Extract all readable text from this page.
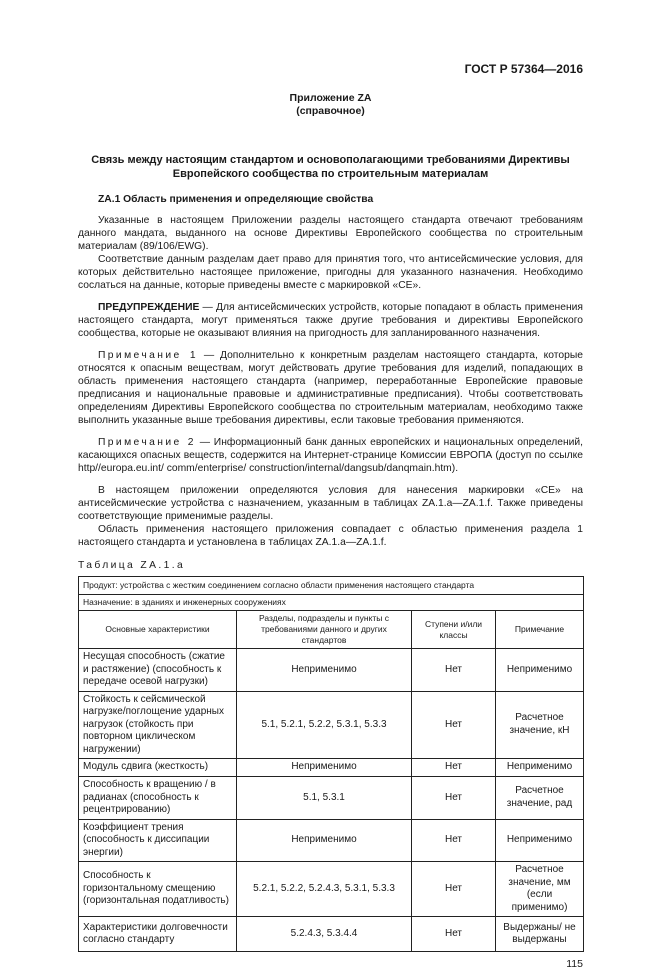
ГОСТ Р 57364—2016
Приложение ZA
(справочное)
Связь между настоящим стандартом и основополагающими требованиями Директивы Европейского сообщества по строительным материалам
ZA.1 Область применения и определяющие свойства

Указанные в настоящем Приложении разделы настоящего стандарта отвечают требованиям данного мандата, выданного на основе Директивы Европейского сообщества по строительным материалам (89/106/EWG).

Соответствие данным разделам дает право для принятия того, что антисейсмические условия, для которых действительно настоящее приложение, пригодны для указанного назначения. Необходимо сослаться на данные, которые приведены вместе с маркировкой «CE».

ПРЕДУПРЕЖДЕНИЕ — Для антисейсмических устройств, которые попадают в область применения настоящего стандарта, могут применяться также другие требования и директивы Европейского сообщества, которые не оказывают влияния на пригодность для запланированного назначения.

Примечание 1 — Дополнительно к конкретным разделам настоящего стандарта, которые относятся к опасным веществам, могут действовать другие требования для изделий, попадающих в область применения настоящего стандарта (например, переработанные Европейские правовые предписания и национальные правовые и административные предписания). Чтобы соответствовать определениям Директивы Европейского сообщества по строительным материалам, необходимо также выполнить указанные выше требования директивы, если таковые требования применяются.

Примечание 2 — Информационный банк данных европейских и национальных определений, касающихся опасных веществ, содержится на Интернет-странице Комиссии ЕВРОПА (доступ по ссылке http//europa.eu.int/ comm/enterprise/ construction/internal/dangsub/danqmain.htm).

В настоящем приложении определяются условия для нанесения маркировки «CE» на антисейсмические устройства с назначением, указанным в таблицах ZA.1.a—ZA.1.f. Также приведены соответствующие применимые разделы.

Область применения настоящего приложения совпадает с областью применения раздела 1 настоящего стандарта и установлена в таблицах ZA.1.a—ZA.1.f.

Таблица ZA.1.a
Продукт: устройства с жестким соединением согласно области применения настоящего стандарта			
Назначение: в зданиях и инженерных сооружениях			
Основные характеристики	Разделы, подразделы и пункты с требованиями данного и других стандартов	Ступени и/или классы	Примечание
Несущая способность (сжатие и растяжение) (способность к передаче осевой нагрузки)	Неприменимо	Нет	Неприменимо
Стойкость к сейсмической нагрузке/поглощение ударных нагрузок (стойкость при повторном циклическом нагружении)	5.1, 5.2.1, 5.2.2, 5.3.1, 5.3.3	Нет	Расчетное значение, кН
Модуль сдвига (жесткость)	Неприменимо	Нет	Неприменимо
Способность к вращению / в радианах (способность к рецентрированию)	5.1, 5.3.1	Нет	Расчетное значение, рад
Коэффициент трения (способность к диссипации энергии)	Неприменимо	Нет	Неприменимо
Способность к горизонтальному смещению (горизонтальная податливость)	5.2.1, 5.2.2, 5.2.4.3, 5.3.1, 5.3.3	Нет	Расчетное значение, мм (если применимо)
Характеристики долговечности согласно стандарту	5.2.4.3, 5.3.4.4	Нет	Выдержаны/ не выдержаны
115
